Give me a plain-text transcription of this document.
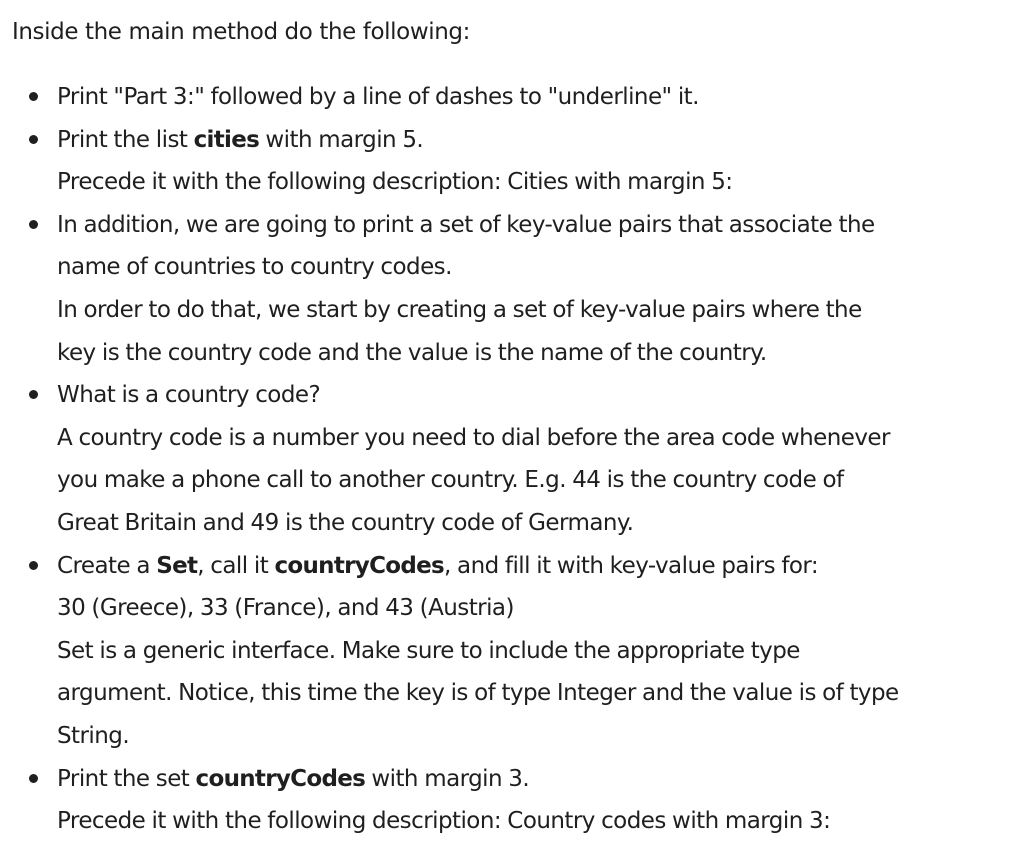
Inside the main method do the following:

Print "Part 3:" followed by a line of dashes to "underline" it.
Print the list cities with margin 5.
Precede it with the following description: Cities with margin 5:
In addition, we are going to print a set of key-value pairs that associate the
name of countries to country codes.
In order to do that, we start by creating a set of key-value pairs where the
key is the country code and the value is the name of the country.
What is a country code?
A country code is a number you need to dial before the area code whenever
you make a phone call to another country. E.g. 44 is the country code of
Great Britain and 49 is the country code of Germany.
Create a Set, call it countryCodes, and fill it with key-value pairs for:
30 (Greece), 33 (France), and 43 (Austria)
Set is a generic interface. Make sure to include the appropriate type
argument. Notice, this time the key is of type Integer and the value is of type
String.
Print the set countryCodes with margin 3.
Precede it with the following description: Country codes with margin 3:
